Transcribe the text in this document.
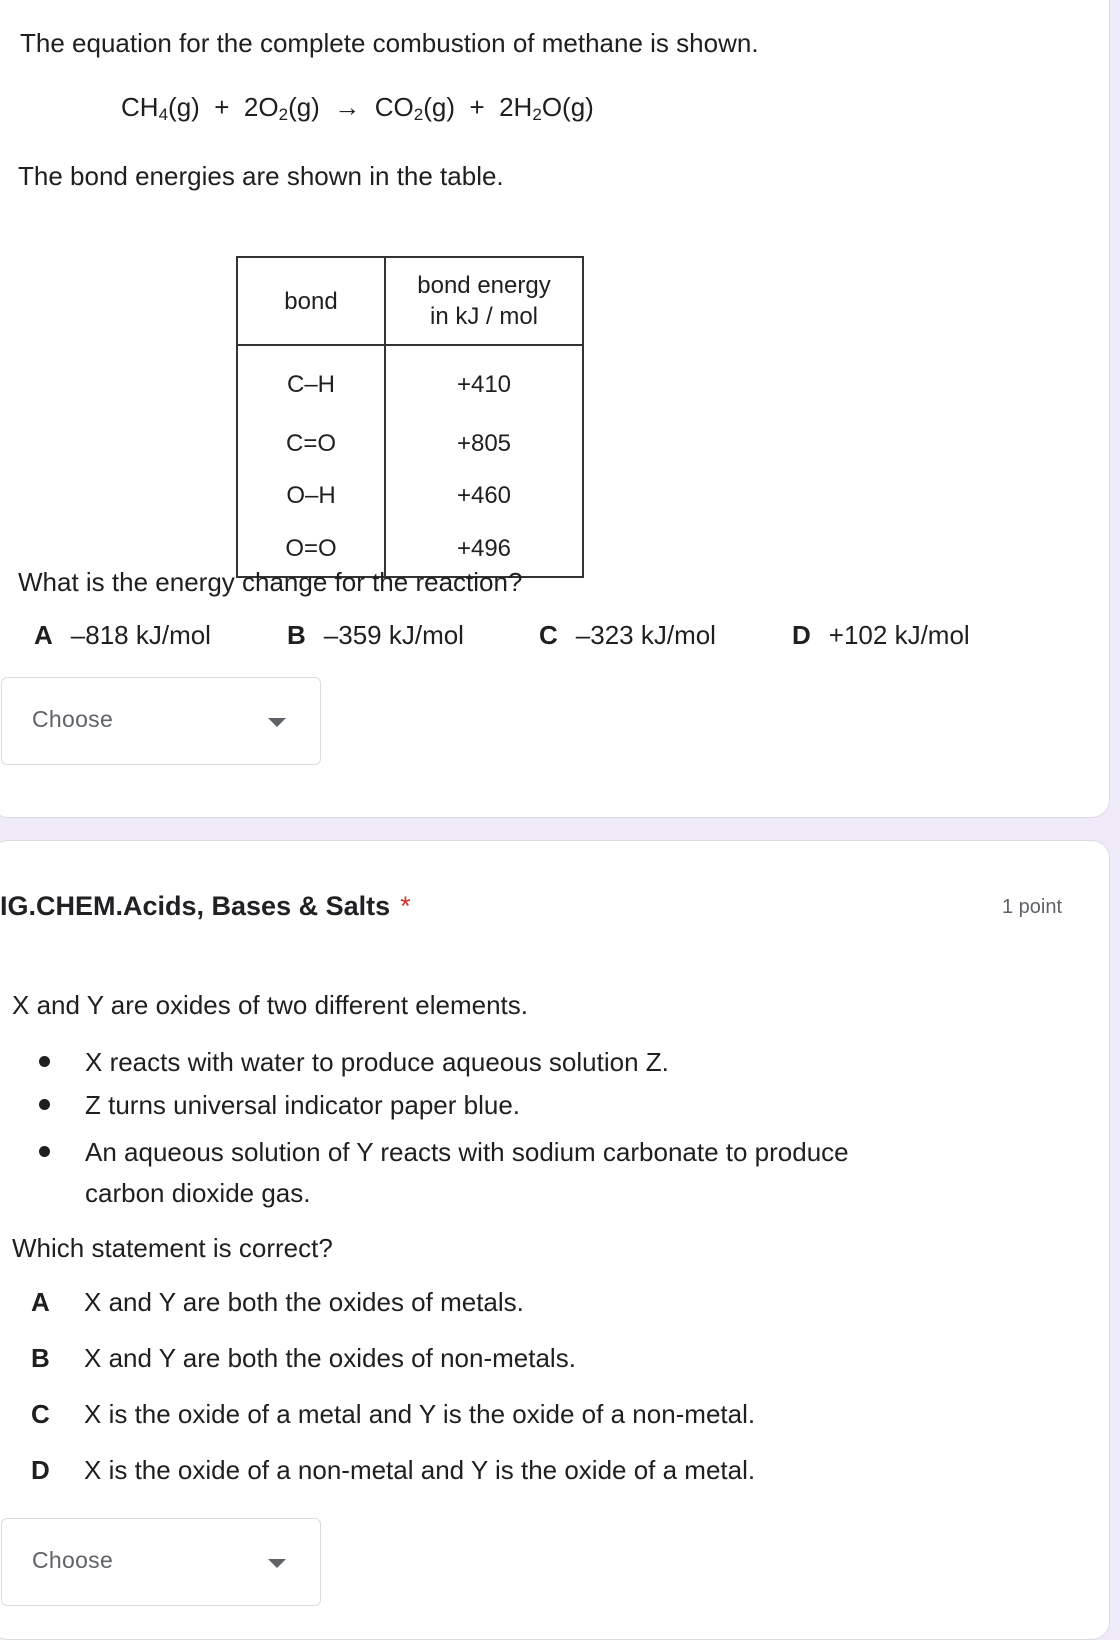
The equation for the complete combustion of methane is shown.
$CH_4(g) + 2O_2(g) \to CO_2(g) + 2H_2O(g)$
The bond energies are shown in the table.
bond	bond energy
in kJ / mol

C–H	+410
C=O	+805
O–H	+460
O=O	+496
What is the energy change for the reaction?
A –818 kJ/mol	B –359 kJ/mol	C –323 kJ/mol	D +102 kJ/mol
Choose
IG.CHEM.Acids, Bases & Salts *	1 point
X and Y are oxides of two different elements.
X reacts with water to produce aqueous solution Z.
Z turns universal indicator paper blue.
An aqueous solution of Y reacts with sodium carbonate to produce
carbon dioxide gas.
Which statement is correct?
A X and Y are both the oxides of metals.
B X and Y are both the oxides of non-metals.
C X is the oxide of a metal and Y is the oxide of a non-metal.
D X is the oxide of a non-metal and Y is the oxide of a metal.
Choose
